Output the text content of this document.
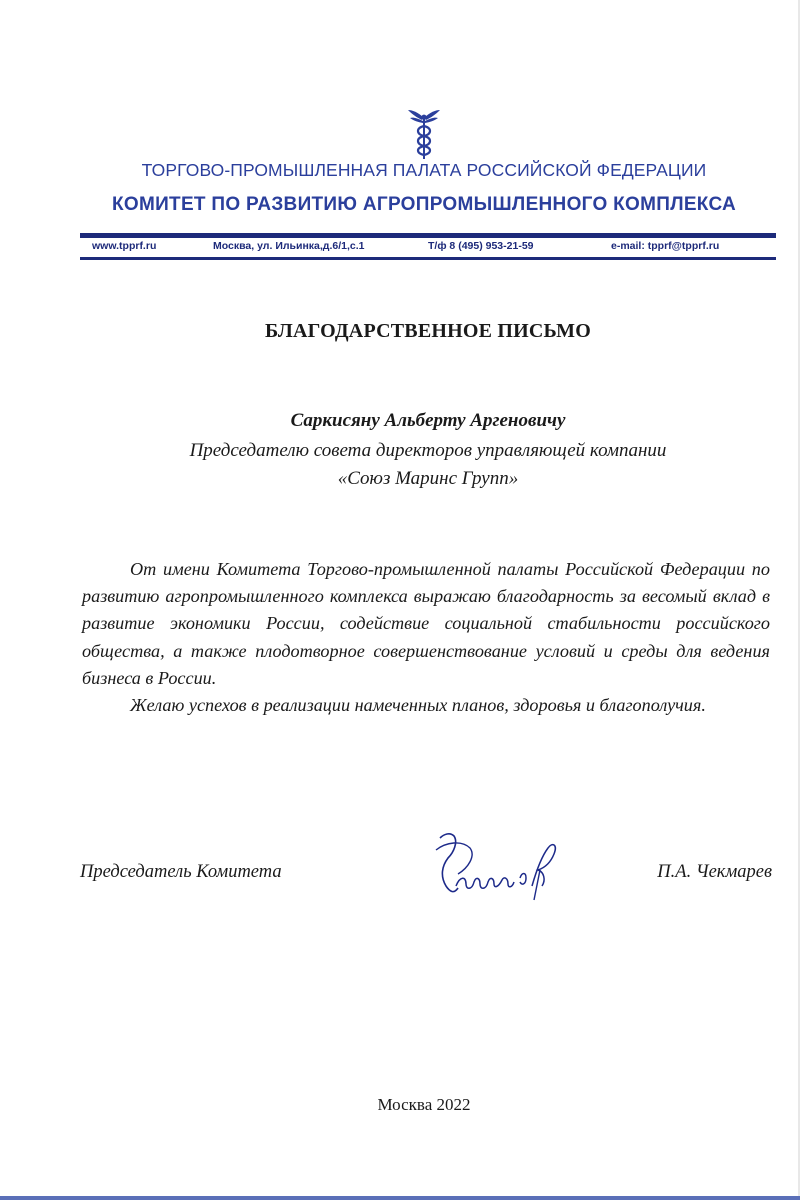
ТОРГОВО-ПРОМЫШЛЕННАЯ ПАЛАТА РОССИЙСКОЙ ФЕДЕРАЦИИ
КОМИТЕТ ПО РАЗВИТИЮ АГРОПРОМЫШЛЕННОГО КОМПЛЕКСА
www.tpprf.ru	Москва, ул. Ильинка,д.6/1,с.1	Т/ф 8 (495) 953-21-59	e-mail: tpprf@tpprf.ru
БЛАГОДАРСТВЕННОЕ ПИСЬМО
Саркисяну Альберту Аргеновичу
Председателю совета директоров управляющей компании
«Союз Маринс Групп»

От имени Комитета Торгово-промышленной палаты Российской Федерации по развитию агропромышленного комплекса выражаю благодарность за весомый вклад в развитие экономики России, содействие социальной стабильности российского общества, а также плодотворное совершенствование условий и среды для ведения бизнеса в России.

Желаю успехов в реализации намеченных планов, здоровья и благополучия.

Председатель Комитета	П.А. Чекмарев
Москва 2022
